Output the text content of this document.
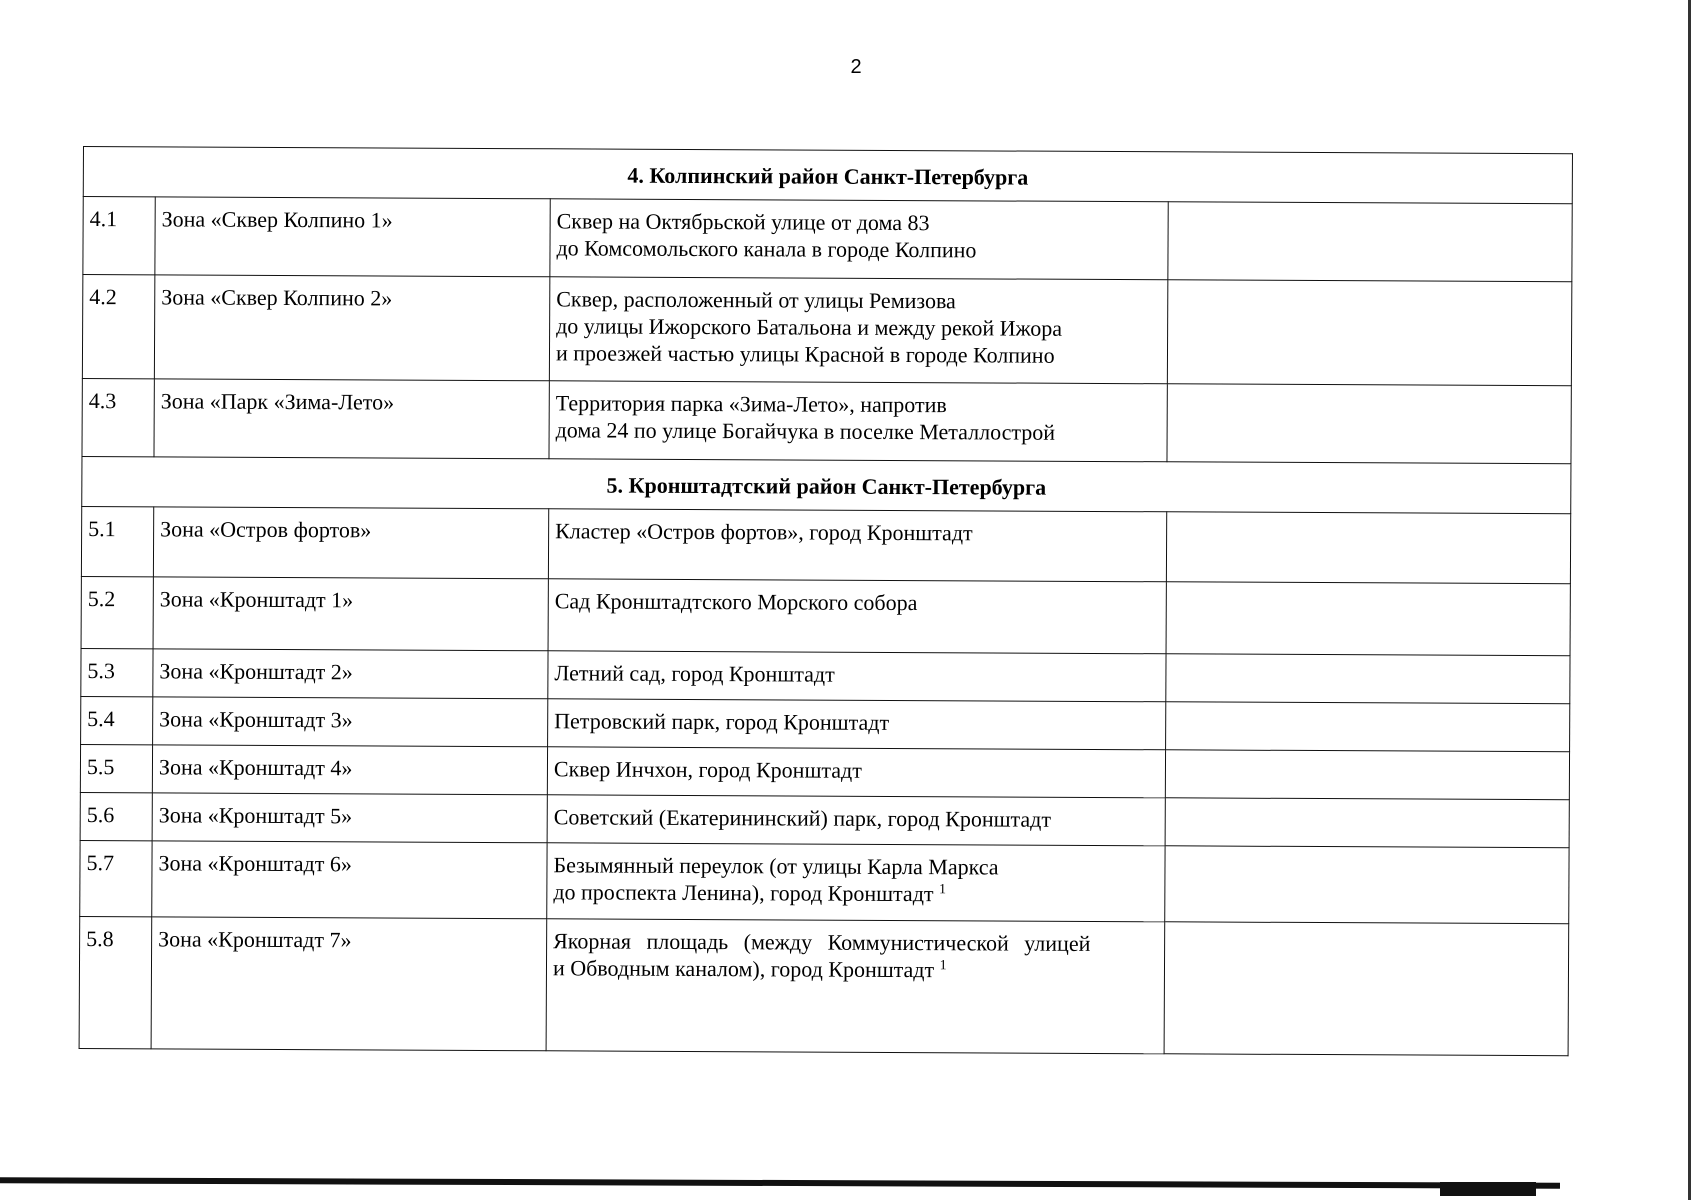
2
4. Колпинский район Санкт-Петербурга			
4.1	Зона «Сквер Колпино 1»	Сквер на Октябрьской улице от дома 83
до Комсомольского канала в городе Колпино	

4.2	Зона «Сквер Колпино 2»	Сквер, расположенный от улицы Ремизова
до улицы Ижорского Батальона и между рекой Ижора
и проезжей частью улицы Красной в городе Колпино	

4.3	Зона «Парк «Зима-Лето»	Территория парка «Зима-Лето», напротив
дома 24 по улице Богайчука в поселке Металлострой	

5. Кронштадтский район Санкт-Петербурга			
5.1	Зона «Остров фортов»	Кластер «Остров фортов», город Кронштадт	

5.2	Зона «Кронштадт 1»	Сад Кронштадтского Морского собора	

5.3	Зона «Кронштадт 2»	Летний сад, город Кронштадт	

5.4	Зона «Кронштадт 3»	Петровский парк, город Кронштадт	

5.5	Зона «Кронштадт 4»	Сквер Инчхон, город Кронштадт	

5.6	Зона «Кронштадт 5»	Советский (Екатерининский) парк, город Кронштадт	

5.7	Зона «Кронштадт 6»	Безымянный переулок (от улицы Карла Маркса
до проспекта Ленина), город Кронштадт $^1$

5.8	Зона «Кронштадт 7»	Якорная площадь (между Коммунистической улицей
и Обводным каналом), город Кронштадт $^1$
